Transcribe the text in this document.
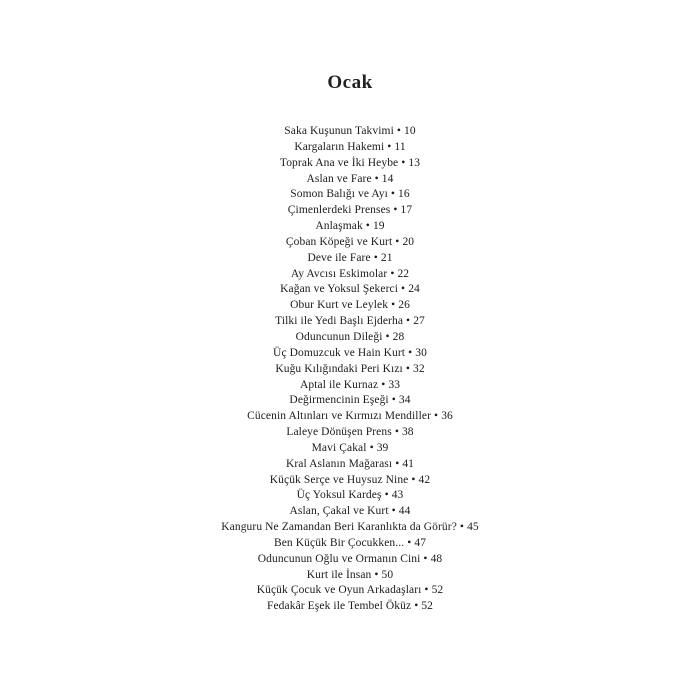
Ocak
Saka Kuşunun Takvimi • 10
Kargaların Hakemi • 11
Toprak Ana ve İki Heybe • 13
Aslan ve Fare • 14
Somon Balığı ve Ayı • 16
Çimenlerdeki Prenses • 17
Anlaşmak • 19
Çoban Köpeği ve Kurt • 20
Deve ile Fare • 21
Ay Avcısı Eskimolar • 22
Kağan ve Yoksul Şekerci • 24
Obur Kurt ve Leylek • 26
Tilki ile Yedi Başlı Ejderha • 27
Oduncunun Dileği • 28
Üç Domuzcuk ve Hain Kurt • 30
Kuğu Kılığındaki Peri Kızı • 32
Aptal ile Kurnaz • 33
Değirmencinin Eşeği • 34
Cücenin Altınları ve Kırmızı Mendiller • 36
Laleye Dönüşen Prens • 38
Mavi Çakal • 39
Kral Aslanın Mağarası • 41
Küçük Serçe ve Huysuz Nine • 42
Üç Yoksul Kardeş • 43
Aslan, Çakal ve Kurt • 44
Kanguru Ne Zamandan Beri Karanlıkta da Görür? • 45
Ben Küçük Bir Çocukken... • 47
Oduncunun Oğlu ve Ormanın Cini • 48
Kurt ile İnsan • 50
Küçük Çocuk ve Oyun Arkadaşları • 52
Fedakâr Eşek ile Tembel Öküz • 52
